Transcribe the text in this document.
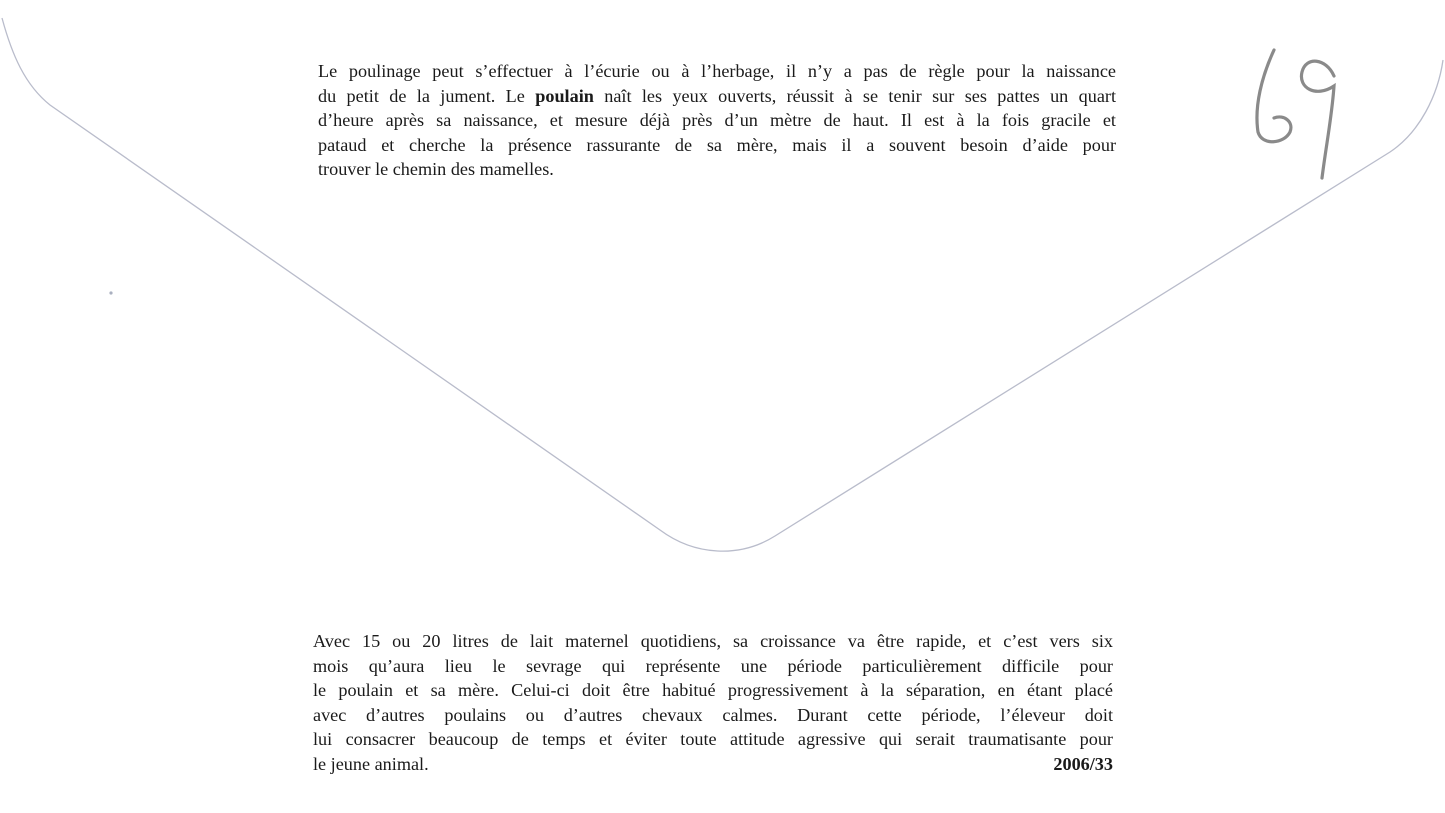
Le poulinage peut s’effectuer à l’écurie ou à l’herbage, il n’y a pas de règle pour la naissance
du petit de la jument. Le poulain naît les yeux ouverts, réussit à se tenir sur ses pattes un quart
d’heure après sa naissance, et mesure déjà près d’un mètre de haut. Il est à la fois gracile et
pataud et cherche la présence rassurante de sa mère, mais il a souvent besoin d’aide pour
trouver le chemin des mamelles.
Avec 15 ou 20 litres de lait maternel quotidiens, sa croissance va être rapide, et c’est vers six
mois qu’aura lieu le sevrage qui représente une période particulièrement difficile pour
le poulain et sa mère. Celui-ci doit être habitué progressivement à la séparation, en étant placé
avec d’autres poulains ou d’autres chevaux calmes. Durant cette période, l’éleveur doit
lui consacrer beaucoup de temps et éviter toute attitude agressive qui serait traumatisante pour
2006/33
le jeune animal.
